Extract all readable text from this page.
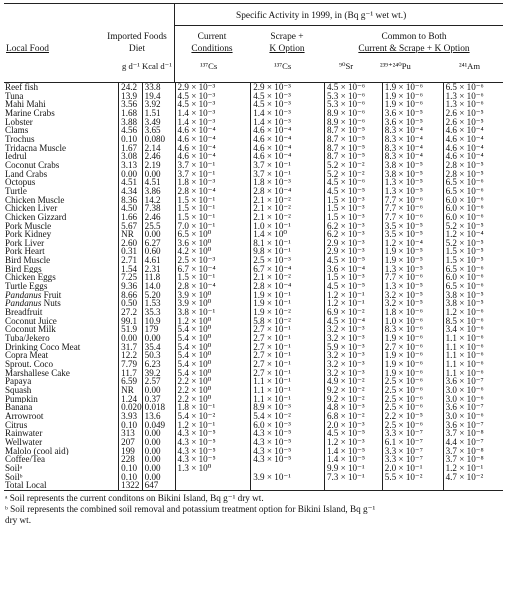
Specific Activity in 1999, in (Bq g⁻¹ wet wt.)
Local Food
Imported Foods
Diet
Current
Conditions
Scrape +
K Option
Common to Both
Current & Scrape + K Option
g d⁻¹ Kcal d⁻¹	¹³⁷Cs	¹³⁷Cs	⁹⁰Sr	²³⁹⁺²⁴⁰Pu	²⁴¹Am
Reef fish	24.2	33.8	2.9 × 10⁻³	2.9 × 10⁻³	4.5 × 10⁻⁶	1.9 × 10⁻⁶	6.5 × 10⁻⁶
Tuna	13.9	19.4	4.5 × 10⁻³	4.5 × 10⁻³	5.3 × 10⁻⁶	1.9 × 10⁻⁶	1.3 × 10⁻⁶
Mahi Mahi	3.56	3.92	4.5 × 10⁻³	4.5 × 10⁻³	5.3 × 10⁻⁶	1.9 × 10⁻⁶	1.3 × 10⁻⁶
Marine Crabs	1.68	1.51	1.4 × 10⁻³	1.4 × 10⁻³	8.9 × 10⁻⁶	3.6 × 10⁻⁵	2.6 × 10⁻⁵
Lobster	3.88	3.49	1.4 × 10⁻³	1.4 × 10⁻³	8.9 × 10⁻⁶	3.6 × 10⁻⁵	2.6 × 10⁻⁵
Clams	4.56	3.65	4.6 × 10⁻⁴	4.6 × 10⁻⁴	8.7 × 10⁻⁵	8.3 × 10⁻⁴	4.6 × 10⁻⁴
Trochus	0.10	0.080	4.6 × 10⁻⁴	4.6 × 10⁻⁴	8.7 × 10⁻⁵	8.3 × 10⁻⁴	4.6 × 10⁻⁴
Tridacna Muscle	1.67	2.14	4.6 × 10⁻⁴	4.6 × 10⁻⁴	8.7 × 10⁻⁵	8.3 × 10⁻⁴	4.6 × 10⁻⁴
Iedrul	3.08	2.46	4.6 × 10⁻⁴	4.6 × 10⁻⁴	8.7 × 10⁻⁵	8.3 × 10⁻⁴	4.6 × 10⁻⁴
Coconut Crabs	3.13	2.19	3.7 × 10⁻¹	3.7 × 10⁻¹	5.2 × 10⁻²	3.8 × 10⁻⁵	2.8 × 10⁻⁵
Land Crabs	0.00	0.00	3.7 × 10⁻¹	3.7 × 10⁻¹	5.2 × 10⁻²	3.8 × 10⁻⁵	2.8 × 10⁻⁵
Octopus	4.51	4.51	1.8 × 10⁻³	1.8 × 10⁻³	4.5 × 10⁻⁶	1.3 × 10⁻⁵	6.5 × 10⁻⁶
Turtle	4.34	3.86	2.8 × 10⁻⁴	2.8 × 10⁻⁴	4.5 × 10⁻⁵	1.3 × 10⁻⁵	6.5 × 10⁻⁶
Chicken Muscle	8.36	14.2	1.5 × 10⁻¹	2.1 × 10⁻²	1.5 × 10⁻³	7.7 × 10⁻⁶	6.0 × 10⁻⁶
Chicken Liver	4.50	7.38	1.5 × 10⁻¹	2.1 × 10⁻²	1.5 × 10⁻³	7.7 × 10⁻⁶	6.0 × 10⁻⁶
Chicken Gizzard	1.66	2.46	1.5 × 10⁻¹	2.1 × 10⁻²	1.5 × 10⁻³	7.7 × 10⁻⁶	6.0 × 10⁻⁶
Pork Muscle	5.67	25.5	7.0 × 10⁻¹	1.0 × 10⁻¹	6.2 × 10⁻³	3.5 × 10⁻⁵	5.2 × 10⁻⁵
Pork Kidney	NR	0.00	6.5 × 10⁰	1.4 × 10⁰	6.2 × 10⁻³	3.5 × 10⁻⁵	1.2 × 10⁻⁴
Pork Liver	2.60	6.27	3.6 × 10⁰	8.1 × 10⁻¹	2.9 × 10⁻³	1.2 × 10⁻⁴	5.2 × 10⁻⁵
Pork Heart	0.31	0.60	4.2 × 10⁰	9.8 × 10⁻¹	2.9 × 10⁻³	1.9 × 10⁻⁵	1.5 × 10⁻⁵
Bird Muscle	2.71	4.61	2.5 × 10⁻³	2.5 × 10⁻³	4.5 × 10⁻⁵	1.9 × 10⁻⁵	1.5 × 10⁻⁵
Bird Eggs	1.54	2.31	6.7 × 10⁻⁴	6.7 × 10⁻⁴	3.6 × 10⁻⁴	1.3 × 10⁻⁵	6.5 × 10⁻⁶
Chicken Eggs	7.25	11.8	1.5 × 10⁻¹	2.1 × 10⁻²	1.5 × 10⁻³	7.7 × 10⁻⁶	6.0 × 10⁻⁶
Turtle Eggs	9.36	14.0	2.8 × 10⁻⁴	2.8 × 10⁻⁴	4.5 × 10⁻⁵	1.3 × 10⁻⁵	6.5 × 10⁻⁶
Pandanus Fruit	8.66	5.20	3.9 × 10⁰	1.9 × 10⁻¹	1.2 × 10⁻¹	3.2 × 10⁻⁵	3.8 × 10⁻⁵
Pandanus Nuts	0.50	1.53	3.9 × 10⁰	1.9 × 10⁻¹	1.2 × 10⁻¹	3.2 × 10⁻⁵	3.8 × 10⁻⁵
Breadfruit	27.2	35.3	3.8 × 10⁻¹	1.9 × 10⁻²	6.9 × 10⁻²	1.8 × 10⁻⁶	1.2 × 10⁻⁶
Coconut Juice	99.1	10.9	1.2 × 10⁰	5.8 × 10⁻²	4.5 × 10⁻⁴	1.0 × 10⁻⁶	8.5 × 10⁻⁶
Coconut Milk	51.9	179	5.4 × 10⁰	2.7 × 10⁻¹	3.2 × 10⁻³	8.3 × 10⁻⁶	3.4 × 10⁻⁶
Tuba/Jekero	0.00	0.00	5.4 × 10⁰	2.7 × 10⁻¹	3.2 × 10⁻³	1.9 × 10⁻⁶	1.1 × 10⁻⁶
Drinking Coco Meat	31.7	35.4	5.4 × 10⁰	2.7 × 10⁻¹	5.9 × 10⁻³	2.7 × 10⁻⁶	1.1 × 10⁻⁶
Copra Meat	12.2	50.3	5.4 × 10⁰	2.7 × 10⁻¹	3.2 × 10⁻³	1.9 × 10⁻⁶	1.1 × 10⁻⁶
Sprout. Coco	7.79	6.23	5.4 × 10⁰	2.7 × 10⁻¹	3.2 × 10⁻³	1.9 × 10⁻⁶	1.1 × 10⁻⁶
Marshallese Cake	11.7	39.2	5.4 × 10⁰	2.7 × 10⁻¹	3.2 × 10⁻³	1.9 × 10⁻⁶	1.1 × 10⁻⁶
Papaya	6.59	2.57	2.2 × 10⁰	1.1 × 10⁻¹	4.9 × 10⁻²	2.5 × 10⁻⁶	3.6 × 10⁻⁷
Squash	NR	0.00	2.2 × 10⁰	1.1 × 10⁻¹	9.2 × 10⁻²	2.5 × 10⁻⁶	3.0 × 10⁻⁶
Pumpkin	1.24	0.37	2.2 × 10⁰	1.1 × 10⁻¹	9.2 × 10⁻²	2.5 × 10⁻⁶	3.0 × 10⁻⁶
Banana	0.020	0.018	1.8 × 10⁻¹	8.9 × 10⁻³	4.8 × 10⁻³	2.5 × 10⁻⁶	3.6 × 10⁻⁷
Arrowroot	3.93	13.6	5.4 × 10⁻²	5.4 × 10⁻²	6.8 × 10⁻²	2.2 × 10⁻⁵	3.0 × 10⁻⁶
Citrus	0.10	0.049	1.2 × 10⁻¹	6.0 × 10⁻³	2.0 × 10⁻³	2.5 × 10⁻⁶	3.6 × 10⁻⁷
Rainwater	313	0.00	4.3 × 10⁻⁵	4.3 × 10⁻⁵	4.5 × 10⁻⁵	3.3 × 10⁻⁷	3.7 × 10⁻⁸
Wellwater	207	0.00	4.3 × 10⁻⁵	4.3 × 10⁻⁵	1.2 × 10⁻³	6.1 × 10⁻⁷	4.4 × 10⁻⁷
Malolo (cool aid)	199	0.00	4.3 × 10⁻⁵	4.3 × 10⁻⁵	1.4 × 10⁻⁵	3.3 × 10⁻⁷	3.7 × 10⁻⁸
Coffee/Tea	228	0.00	4.3 × 10⁻⁵	4.3 × 10⁻⁵	1.4 × 10⁻⁵	3.3 × 10⁻⁷	3.7 × 10⁻⁸
Soilᵃ	0.10	0.00	1.3 × 10⁰		9.9 × 10⁻¹	2.0 × 10⁻¹	1.2 × 10⁻¹
Soilᵇ	0.10	0.00		3.9 × 10⁻¹	7.3 × 10⁻¹	5.5 × 10⁻²	4.7 × 10⁻²
Total Local	1322	647					
ᵃ Soil represents the current conditons on Bikini Island, Bq g⁻¹ dry wt.
ᵇ Soil represents the combined soil removal and potassium treatment option for Bikini Island, Bq g⁻¹
dry wt.
